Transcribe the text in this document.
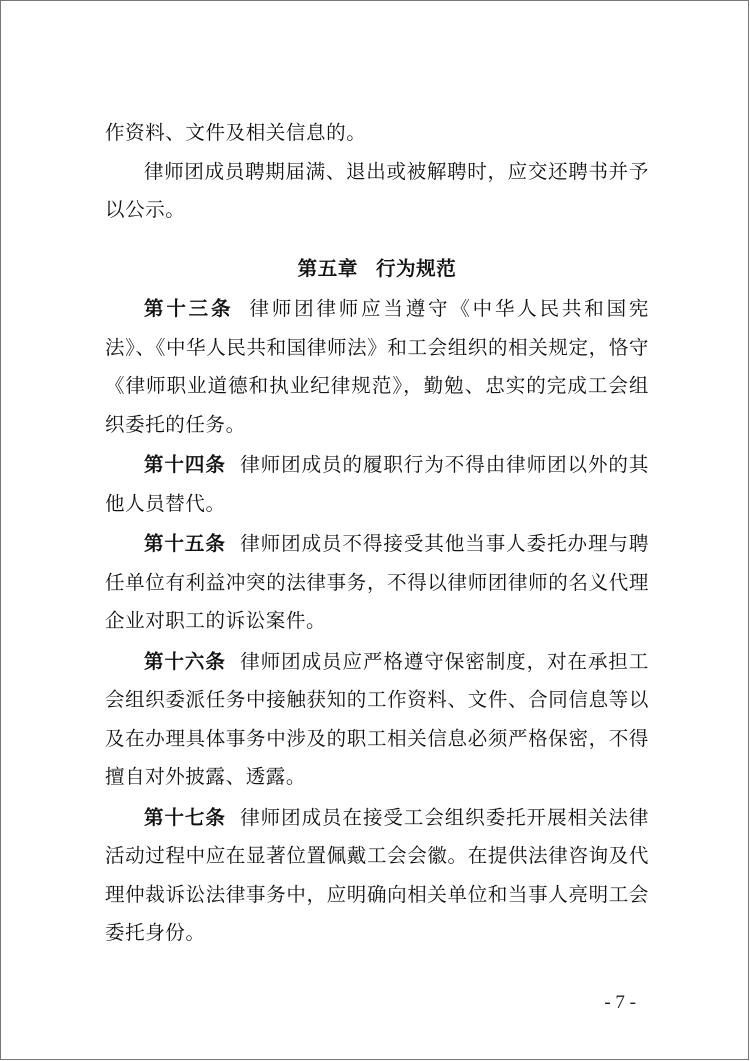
作资料、文件及相关信息的。

律师团成员聘期届满、退出或被解聘时，应交还聘书并予以公示。

第五章 行为规范

第十三条 律师团律师应当遵守《中华人民共和国宪法》、《中华人民共和国律师法》和工会组织的相关规定，恪守《律师职业道德和执业纪律规范》，勤勉、忠实的完成工会组织委托的任务。

第十四条 律师团成员的履职行为不得由律师团以外的其他人员替代。

第十五条 律师团成员不得接受其他当事人委托办理与聘任单位有利益冲突的法律事务，不得以律师团律师的名义代理企业对职工的诉讼案件。

第十六条 律师团成员应严格遵守保密制度，对在承担工会组织委派任务中接触获知的工作资料、文件、合同信息等以及在办理具体事务中涉及的职工相关信息必须严格保密，不得擅自对外披露、透露。

第十七条 律师团成员在接受工会组织委托开展相关法律活动过程中应在显著位置佩戴工会会徽。在提供法律咨询及代理仲裁诉讼法律事务中，应明确向相关单位和当事人亮明工会委托身份。

- 7 -
